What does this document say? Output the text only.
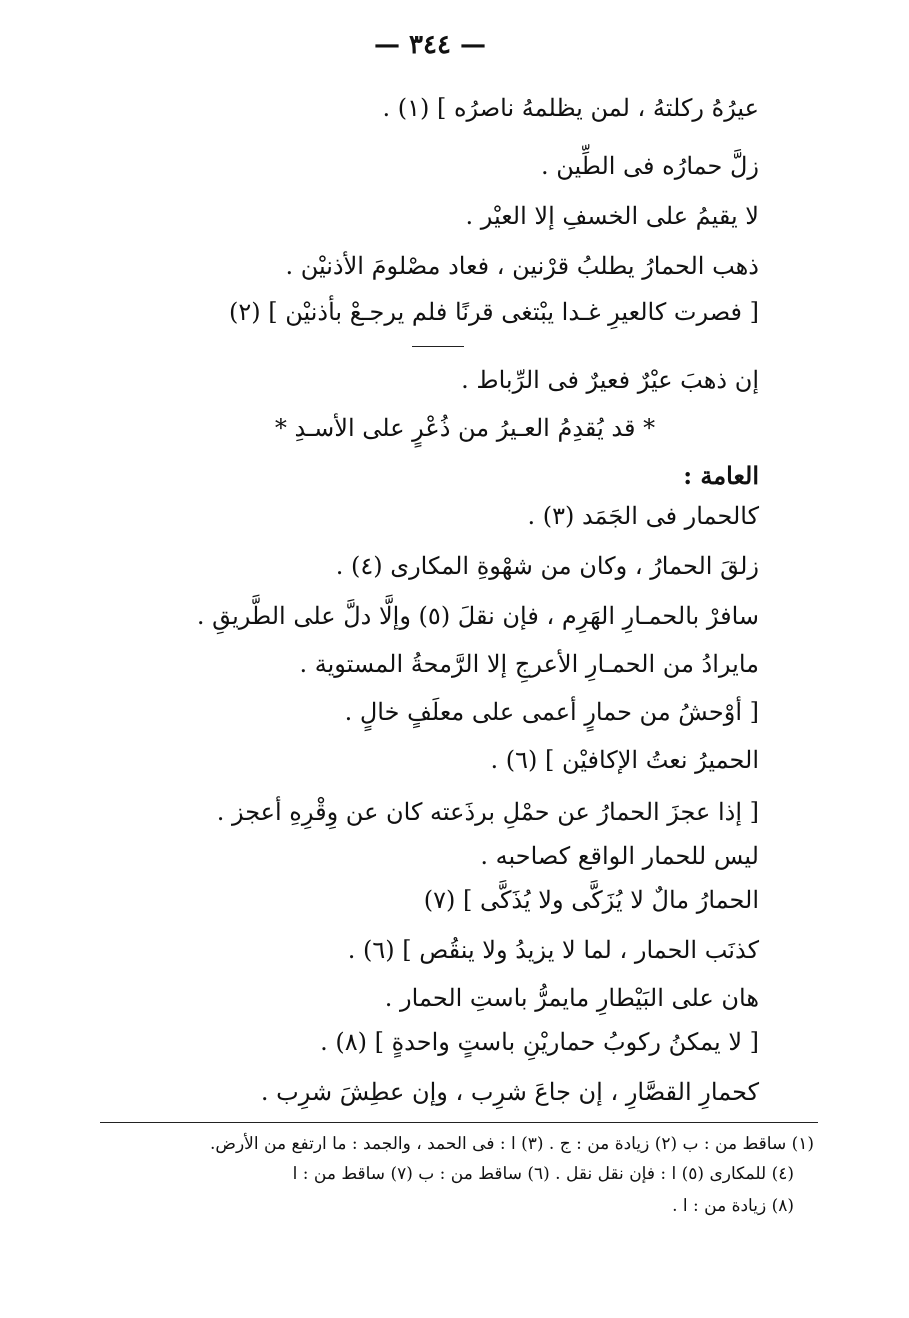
— ٣٤٤ —
عيرُهُ ركلتهُ ، لمن يظلمهُ ناصرُه ] (١) .
زلَّ حمارُه فى الطِّين .
لا يقيمُ على الخسفِ إلا العيْر .
ذهب الحمارُ يطلبُ قرْنين ، فعاد مصْلومَ الأذنيْن .
[ فصرت كالعيرِ غـدا يبْتغى قرنًا فلم يرجـعْ بأذنيْن ] (٢)
إن ذهبَ عيْرٌ فعيرٌ فى الرِّباط .
* قد يُقدِمُ العـيرُ من ذُعْرٍ على الأسـدِ *
العامة :
كالحمار فى الجَمَد (٣) .
زلقَ الحمارُ ، وكان من شهْوةِ المكارى (٤) .
سافرْ بالحمـارِ الهَرِم ، فإن نقلَ (٥) وإلَّا دلَّ على الطَّريقِ .
مايرادُ من الحمـارِ الأعرجِ إلا الرَّمحةُ المستوية .
[ أوْحشُ من حمارٍ أعمى على معلَفٍ خالٍ .
الحميرُ نعتُ الإكافيْن ] (٦) .
[ إذا عجزَ الحمارُ عن حمْلِ برذَعته كان عن وِقْرِهِ أعجز .
ليس للحمار الواقع كصاحبه .
الحمارُ مالٌ لا يُزَكَّى ولا يُذَكَّى ] (٧)
كذنَب الحمار ، لما لا يزيدُ ولا ينقُص ] (٦) .
هان على البَيْطارِ مايمرُّ باستِ الحمار .
[ لا يمكنُ ركوبُ حماريْنِ باستٍ واحدةٍ ] (٨) .
كحمارِ القصَّارِ ، إن جاعَ شرِب ، وإن عطِشَ شرِب .
(١) ساقط من : ب (٢) زيادة من : ج . (٣) ا : فى الحمد ، والجمد : ما ارتفع من الأرض.
(٤) للمكارى (٥) ا : فإن نقل نقل . (٦) ساقط من : ب (٧) ساقط من : ا
(٨) زيادة من : ا .
